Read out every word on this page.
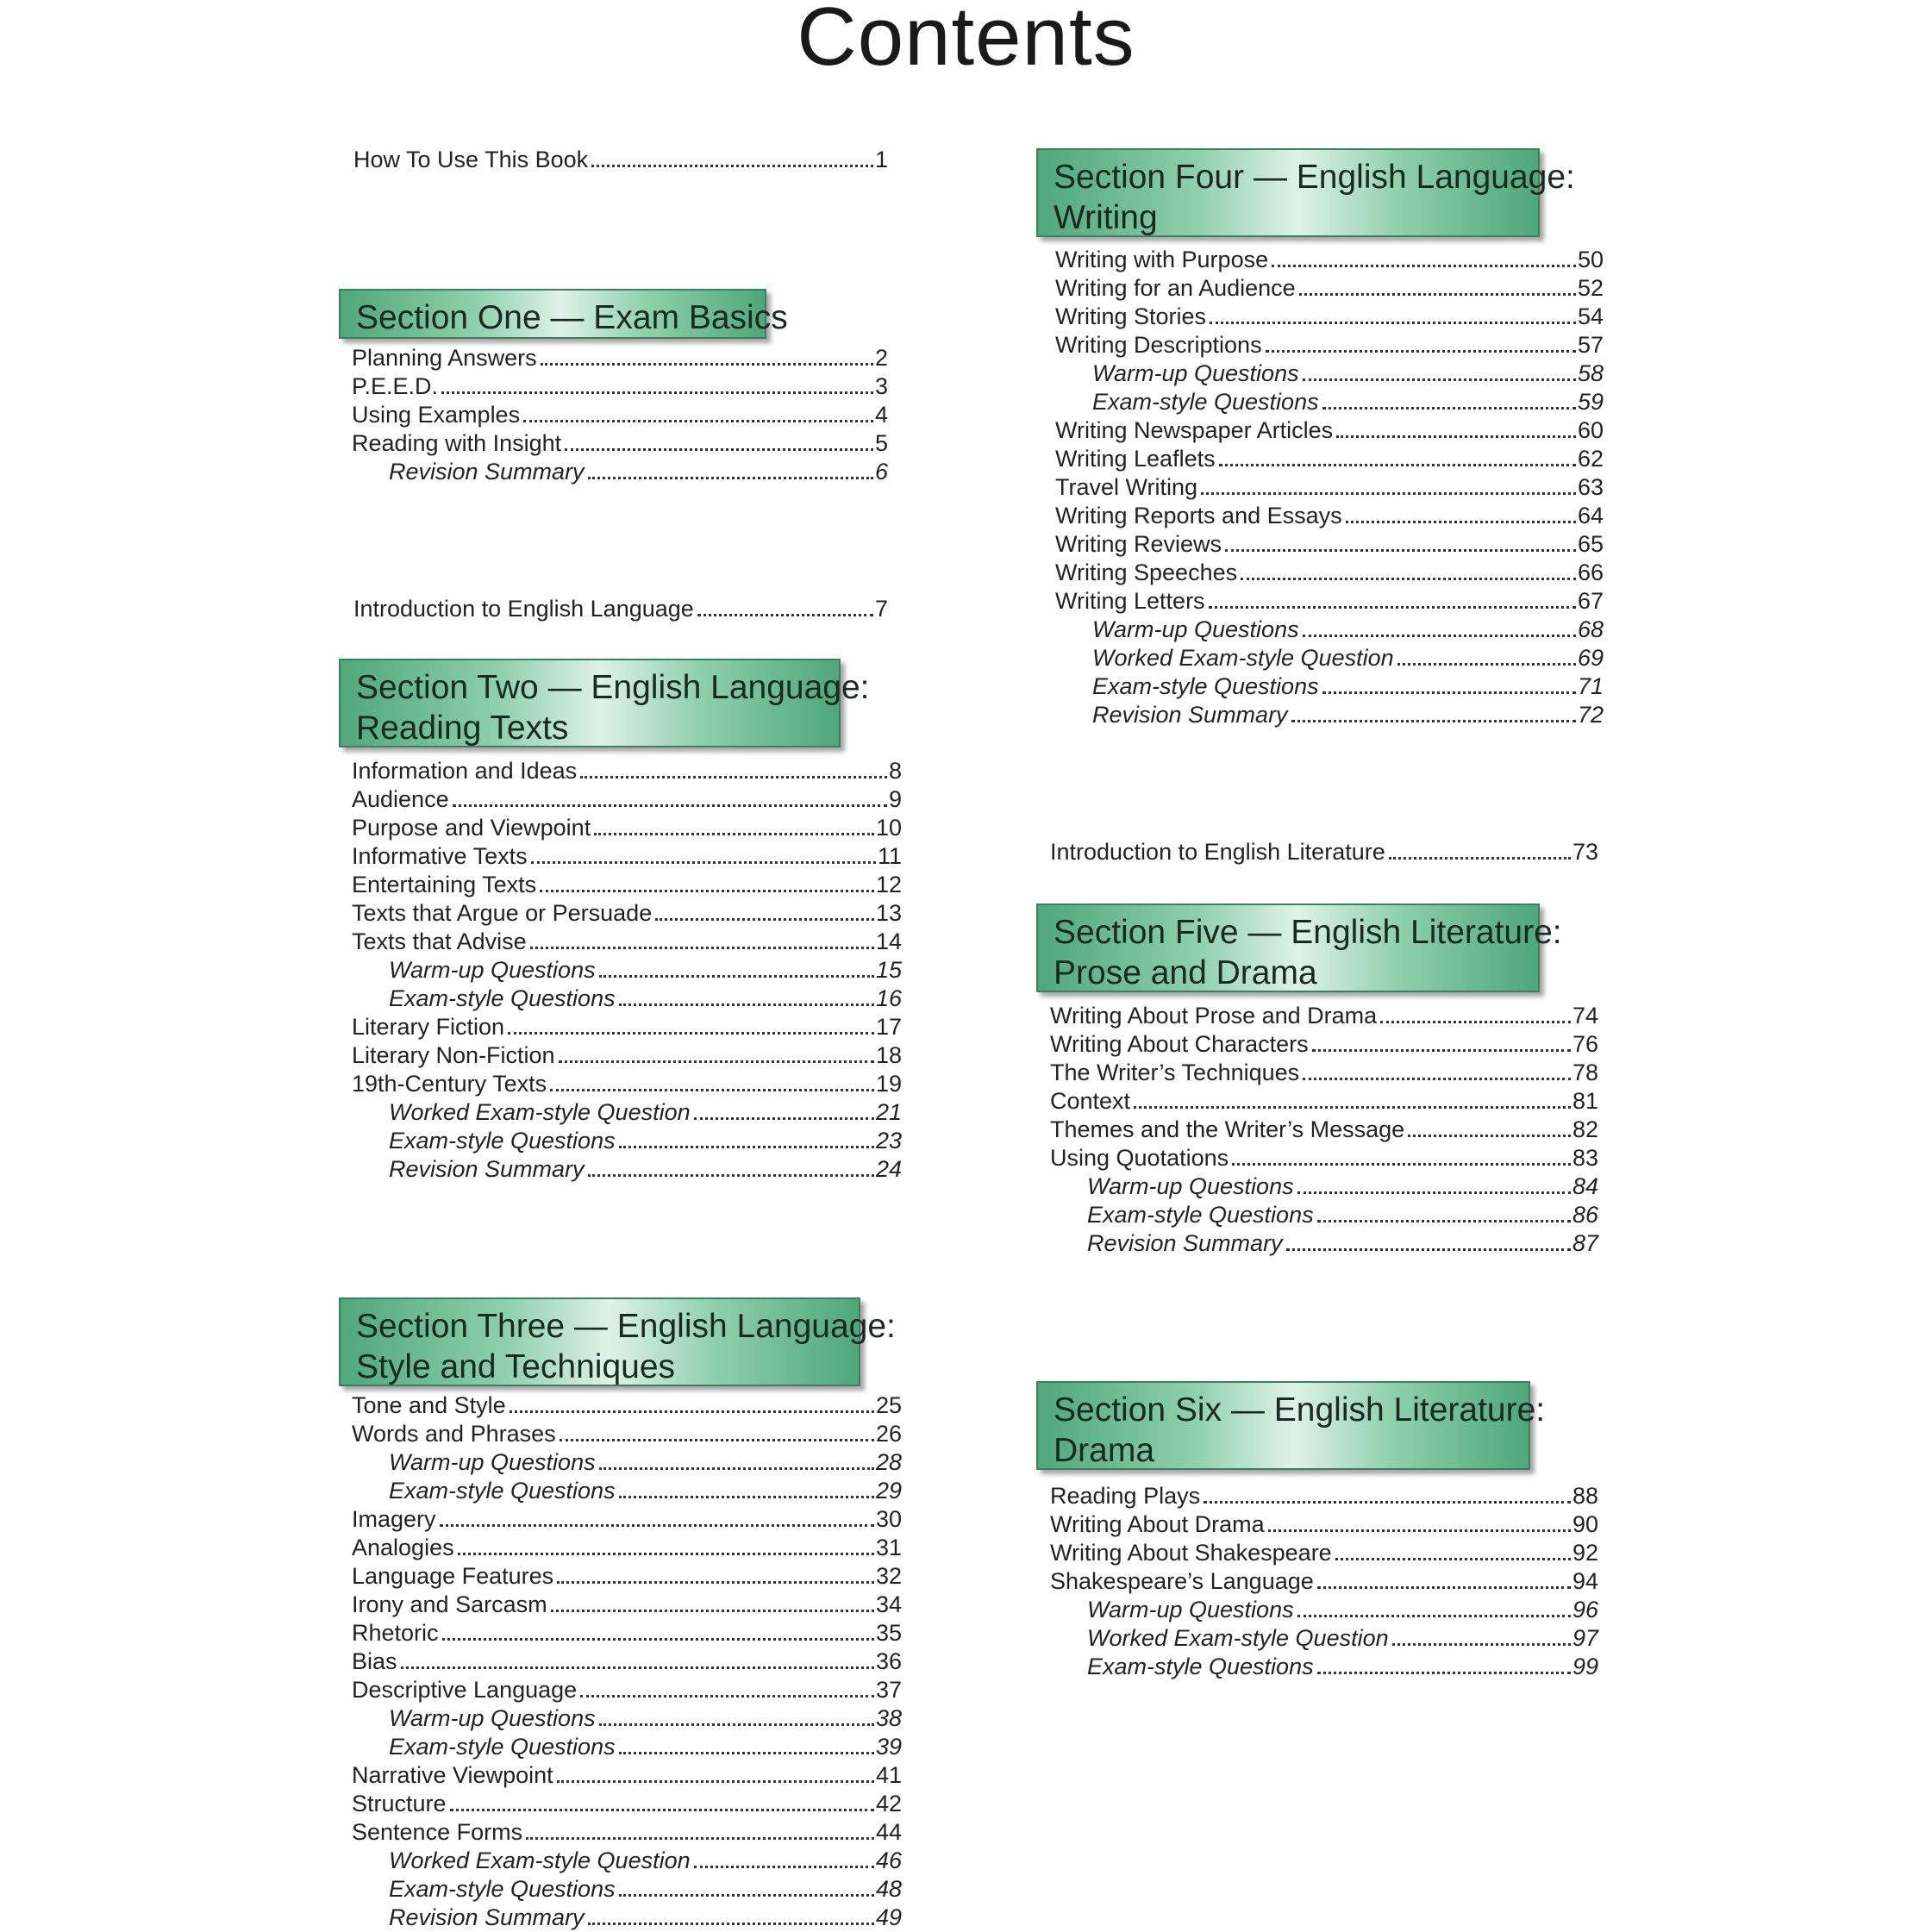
Contents
How To Use This Book	1
Section One — Exam Basics
Planning Answers	2
P.E.E.D.	3
Using Examples	4
Reading with Insight	5
Revision Summary	6
Introduction to English Language	7
Section Two — English Language:
Reading Texts
Information and Ideas	8
Audience	9
Purpose and Viewpoint	10
Informative Texts	11
Entertaining Texts	12
Texts that Argue or Persuade	13
Texts that Advise	14
Warm-up Questions	15
Exam-style Questions	16
Literary Fiction	17
Literary Non-Fiction	18
19th-Century Texts	19
Worked Exam-style Question	21
Exam-style Questions	23
Revision Summary	24
Section Three — English Language:
Style and Techniques
Tone and Style	25
Words and Phrases	26
Warm-up Questions	28
Exam-style Questions	29
Imagery	30
Analogies	31
Language Features	32
Irony and Sarcasm	34
Rhetoric	35
Bias	36
Descriptive Language	37
Warm-up Questions	38
Exam-style Questions	39
Narrative Viewpoint	41
Structure	42
Sentence Forms	44
Worked Exam-style Question	46
Exam-style Questions	48
Revision Summary	49
Section Four — English Language:
Writing
Writing with Purpose	50
Writing for an Audience	52
Writing Stories	54
Writing Descriptions	57
Warm-up Questions	58
Exam-style Questions	59
Writing Newspaper Articles	60
Writing Leaflets	62
Travel Writing	63
Writing Reports and Essays	64
Writing Reviews	65
Writing Speeches	66
Writing Letters	67
Warm-up Questions	68
Worked Exam-style Question	69
Exam-style Questions	71
Revision Summary	72
Introduction to English Literature	73
Section Five — English Literature:
Prose and Drama
Writing About Prose and Drama	74
Writing About Characters	76
The Writer’s Techniques	78
Context	81
Themes and the Writer’s Message	82
Using Quotations	83
Warm-up Questions	84
Exam-style Questions	86
Revision Summary	87
Section Six — English Literature:
Drama
Reading Plays	88
Writing About Drama	90
Writing About Shakespeare	92
Shakespeare’s Language	94
Warm-up Questions	96
Worked Exam-style Question	97
Exam-style Questions	99
